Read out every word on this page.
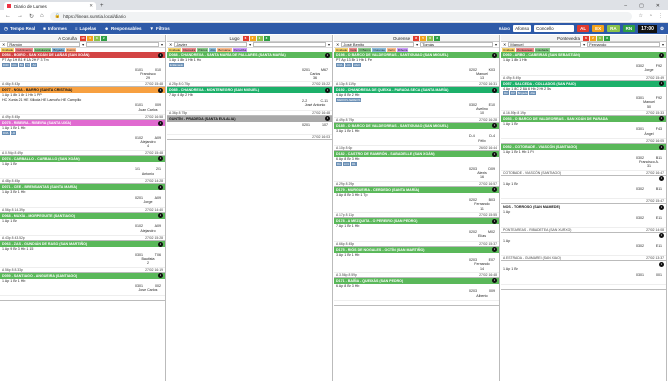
Diario de Lumes	✕ +	– ▢ ✕
← → ↻ ⌂ 🔒 https://lineas.sumtia.local/diario	☆ ◔ ⋮
◷ Tempo Real ■ Informes ≡ Lapelas ☻ Responsables ▼ Filtros	RÁDIO	Afonso	Concello	AL	EX	RA	RN	17:00	⚙
A Coruña	10	4	0	2
✕	Ramón	▾	▾
Unidade	Cubrimento	Ambulancia	Brigada	Cumio
D054 - BOIRO - SAN XOÁN DE LAÑAS (SAN XOÁN)	i
P7 Ap 1H B1 ff 1A 2H F 3 Tm
D4D	LC1	B2	T3	A4
0101	010
Francisco
29
A 46p 8 43p	27/02 15:48
D077 - NOIA - BARRO (SANTA CRISTINA)	i
1 Ap 1 8b 1 8r 1 Hb 1 PP
HC Xunta 21 HE Xilloda HE Lamoño HE Campillo
0101	009
Juan Carlos
A 49p 8 45p	27/02 16:58
D075 - RIBEIRA - RIBEIRA (SANTA UXÍA)	i
1 Ap 1 Br 1 Hb
DVA	LD
0102	A09
Alejandro
4
A 0.94p 8 49p	27/02 15:48
D074 - CARBALLO - CARBALLO (SAN XOÁN)	i
1 Ap 1 Br
1/1	2/1
Antonio
A 48p 8 45p	27/02 14:28
D071 - CEE - BRENSANTAS (SANTA MARÍA)	i
1 Ap 3 Br 1 Hb
0201	A09
Jorge
A 56p 8 14.39p	27/02 14:40
D068 - MUXÍA - MORPEGUITE (SANTIAGO)	i
1 Ap 1 Br
0102	A09
Alejandro
A 43p 8 43.52p	27/02 15:28
D063 - ZAS - GUNDIÁN DE RASO (SAN MARTIÑO)	i
1 Ap 9 Br 3 Hb 1 15
0301	T06
Bautista
2
A 56p 8 8.33p	27/02 16:19
D059 - SANTIAGO - ANGUEIRA (SANTIAGO)	i
1 Ap 1 Br 1 Hb
0301	002
Jose Carlos
Lugo	6	2	1	3
✕	Javier	▾	▾
Unidade	Diameira	Pilotos	Alto	Bornarse	Periodiba
D088 - CHANDREXA - SANTA MARÍA DE PALLARES (SANTA MARÍA)	i
1 Ap 1 8b 1 Hb 1 Hc
Enllamado
0201	M67
Carlos
36
A 25p 8 0.75p	27/02 15:22
D085 - CHANDREXA - MONTENEGRO (SAN MIGUEL)	i
7 Ap 4 8p 2 Hb
2-2	C-11
José Antonio
A 36p 8 75p	27/02 16:48
GUNTÍN - PRADEDA (SANTA EULALIA)	i
0201	107
27/02 16:03
Ourense	8	5	0	3
✕	José Benito	▾	Tomás	▾
Unidade	Cola	O Barco	Ourense	Verín	Ribeira
D198 - O BARCO DE VALDEORRAS - SANTIGUIAO (SAN MIGUEL)	i
P7 Ap 13 Br 1 Hb 1 Fe
DVA	LC1	UAO
0202	K03
Manuel
13
A 13p 8 119p	27/02 16:31
D192 - CHANDREXA DE QUEIXA - PARADA SECA (SANTA MARÍA)	i
4 Ap 8 Br 2 Hb
MEDIOS AEREOS
0302	E10
Avelino
10
A 49p 8 79p	27/02 16:28
D185 - O BARCO DE VALDEORRAS - SANTIGUIAO (SAN MIGUEL)	i
3 Ap 1 Br 1 Hb
D-4	D-4
Félix
A 10p 8 6p	26/02 16:44
D182 - CASTRO DE RAMIRÓN - SABADELLE (SAN XOÁN)	i
6 Ap 8 Br 3 Hb
RA	LC1	R1
0203	D09
Alexis
16
A 29p 8 29p	27/02 16:57
D179 - MURGUEIRA - CERDEDO (SANTA MARÍA)	i
3 Ap 8 Br 3 Hb 1 Tp
0202	B03
Fernando
11
A 17p 8 11p	27/02 15:55
D178 - A MEZQUITA - O PEREIRO (SAN PEDRO)	i
7 Ap 1 Br 1 Hb
0202	M02
Elías
A 66p 8 45p	27/02 15:37
D175 - RIÓS DE NOGALES - OCTÍN (SAN MARTIÑO)	i
3 Ap 1 Br 1 Hb
0203	E07
Fernando
14
A 3.56p 8 59p	27/02 16:48
D171 - BAÍÑA - QUEIXÁS (SAN PEDRO)	i
6 Ap 8 Br 3 Hb
0203	009
Alberto
Pontevedra	6	2	1	3
✕	Manuel	▾	Fernando	▾
Unidade	Ponteareas	Cotobade
D060 - ARBO - CABEIRAS (SAN SEBASTIÁN)	i
1 Ap 1 8b 1 Hb
0302	F92
Jorge
A 49p 8 49p	27/02 15:49
D057 - SALCEDA - COLLADOS (SAN PAIO)	i
4 Ap 1 8C 2 8A 6 Hb 2 Ht 2 5s
RA	DV	Brigada	Alto
0301	F92
Manuel
50
A 16.59p 8 19p	27/02 15:33
D053 - O BARCO DE VALDEORRAS - SAN XOÁN DE PARADA	i
1 Ap 1 Br
0301	F43
Ángel
27/02 16:05
D052 - COTOBADE - VIASCÓN (SANTIAGO)	i
1 Ap 1 Br 1 Hb 1 Ft
0302	B11
Francisco A.
31
COTOBADE - VIASCÓN (SANTIAGO)	27/02 16:47
i
1 Ap 1 Br
0302	B11
27/02 15:47
NOS - TORROSO (SAN MAMEDE)	i
1 Ap
0302	E11
PONTEAREAS - RIBADETEA (SAN XURXO)	27/02 14:08
i
1 Ap
0302	E11
A ESTRADA - GUIMAREI (SAN XIAO)	27/02 13:37
i
1 Ap 1 Br
0301	001
